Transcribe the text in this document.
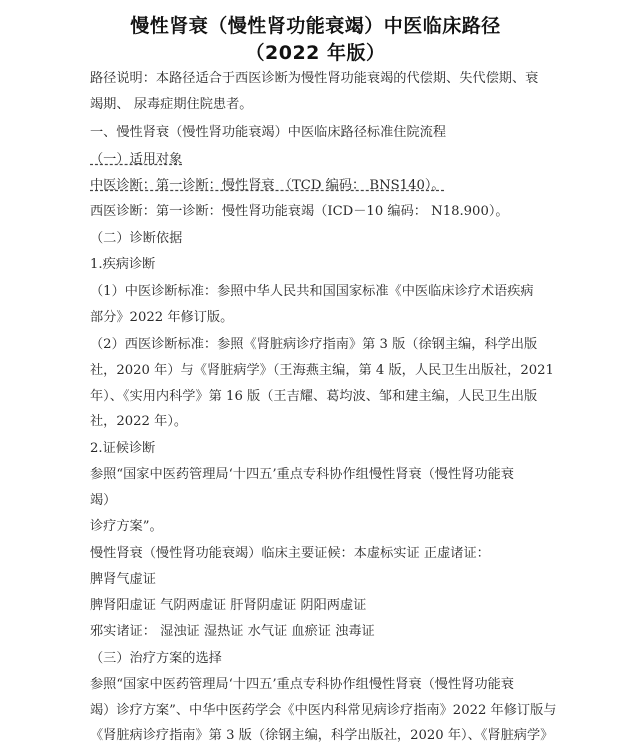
慢性肾衰（慢性肾功能衰竭）中医临床路径
（2022 年版）
路径说明：本路径适合于西医诊断为慢性肾功能衰竭的代偿期、失代偿期、衰
竭期、 尿毒症期住院患者。
一、慢性肾衰（慢性肾功能衰竭）中医临床路径标准住院流程
（一）适用对象
中医诊断：第一诊断：慢性肾衰 （TCD 编码： BNS140）。
西医诊断：第一诊断：慢性肾功能衰竭（ICD－10 编码： N18.900）。
（二）诊断依据
1.疾病诊断
（1）中医诊断标准：参照中华人民共和国国家标准《中医临床诊疗术语疾病
部分》2022 年修订版。
（2）西医诊断标准：参照《肾脏病诊疗指南》第 3 版（徐钢主编，科学出版
社，2020 年）与《肾脏病学》（王海燕主编，第 4 版，人民卫生出版社，2021
年）、《实用内科学》第 16 版（王吉耀、葛均波、邹和建主编，人民卫生出版
社，2022 年）。
2.证候诊断
参照“国家中医药管理局‘十四五’重点专科协作组慢性肾衰（慢性肾功能衰
竭）
诊疗方案”。
慢性肾衰（慢性肾功能衰竭）临床主要证候：本虚标实证 正虚诸证：
脾肾气虚证
脾肾阳虚证 气阴两虚证 肝肾阴虚证 阴阳两虚证
邪实诸证： 湿浊证 湿热证 水气证 血瘀证 浊毒证
（三）治疗方案的选择
参照“国家中医药管理局‘十四五’重点专科协作组慢性肾衰（慢性肾功能衰
竭）诊疗方案”、中华中医药学会《中医内科常见病诊疗指南》2022 年修订版与
《肾脏病诊疗指南》第 3 版（徐钢主编，科学出版社，2020 年）、《肾脏病学》
